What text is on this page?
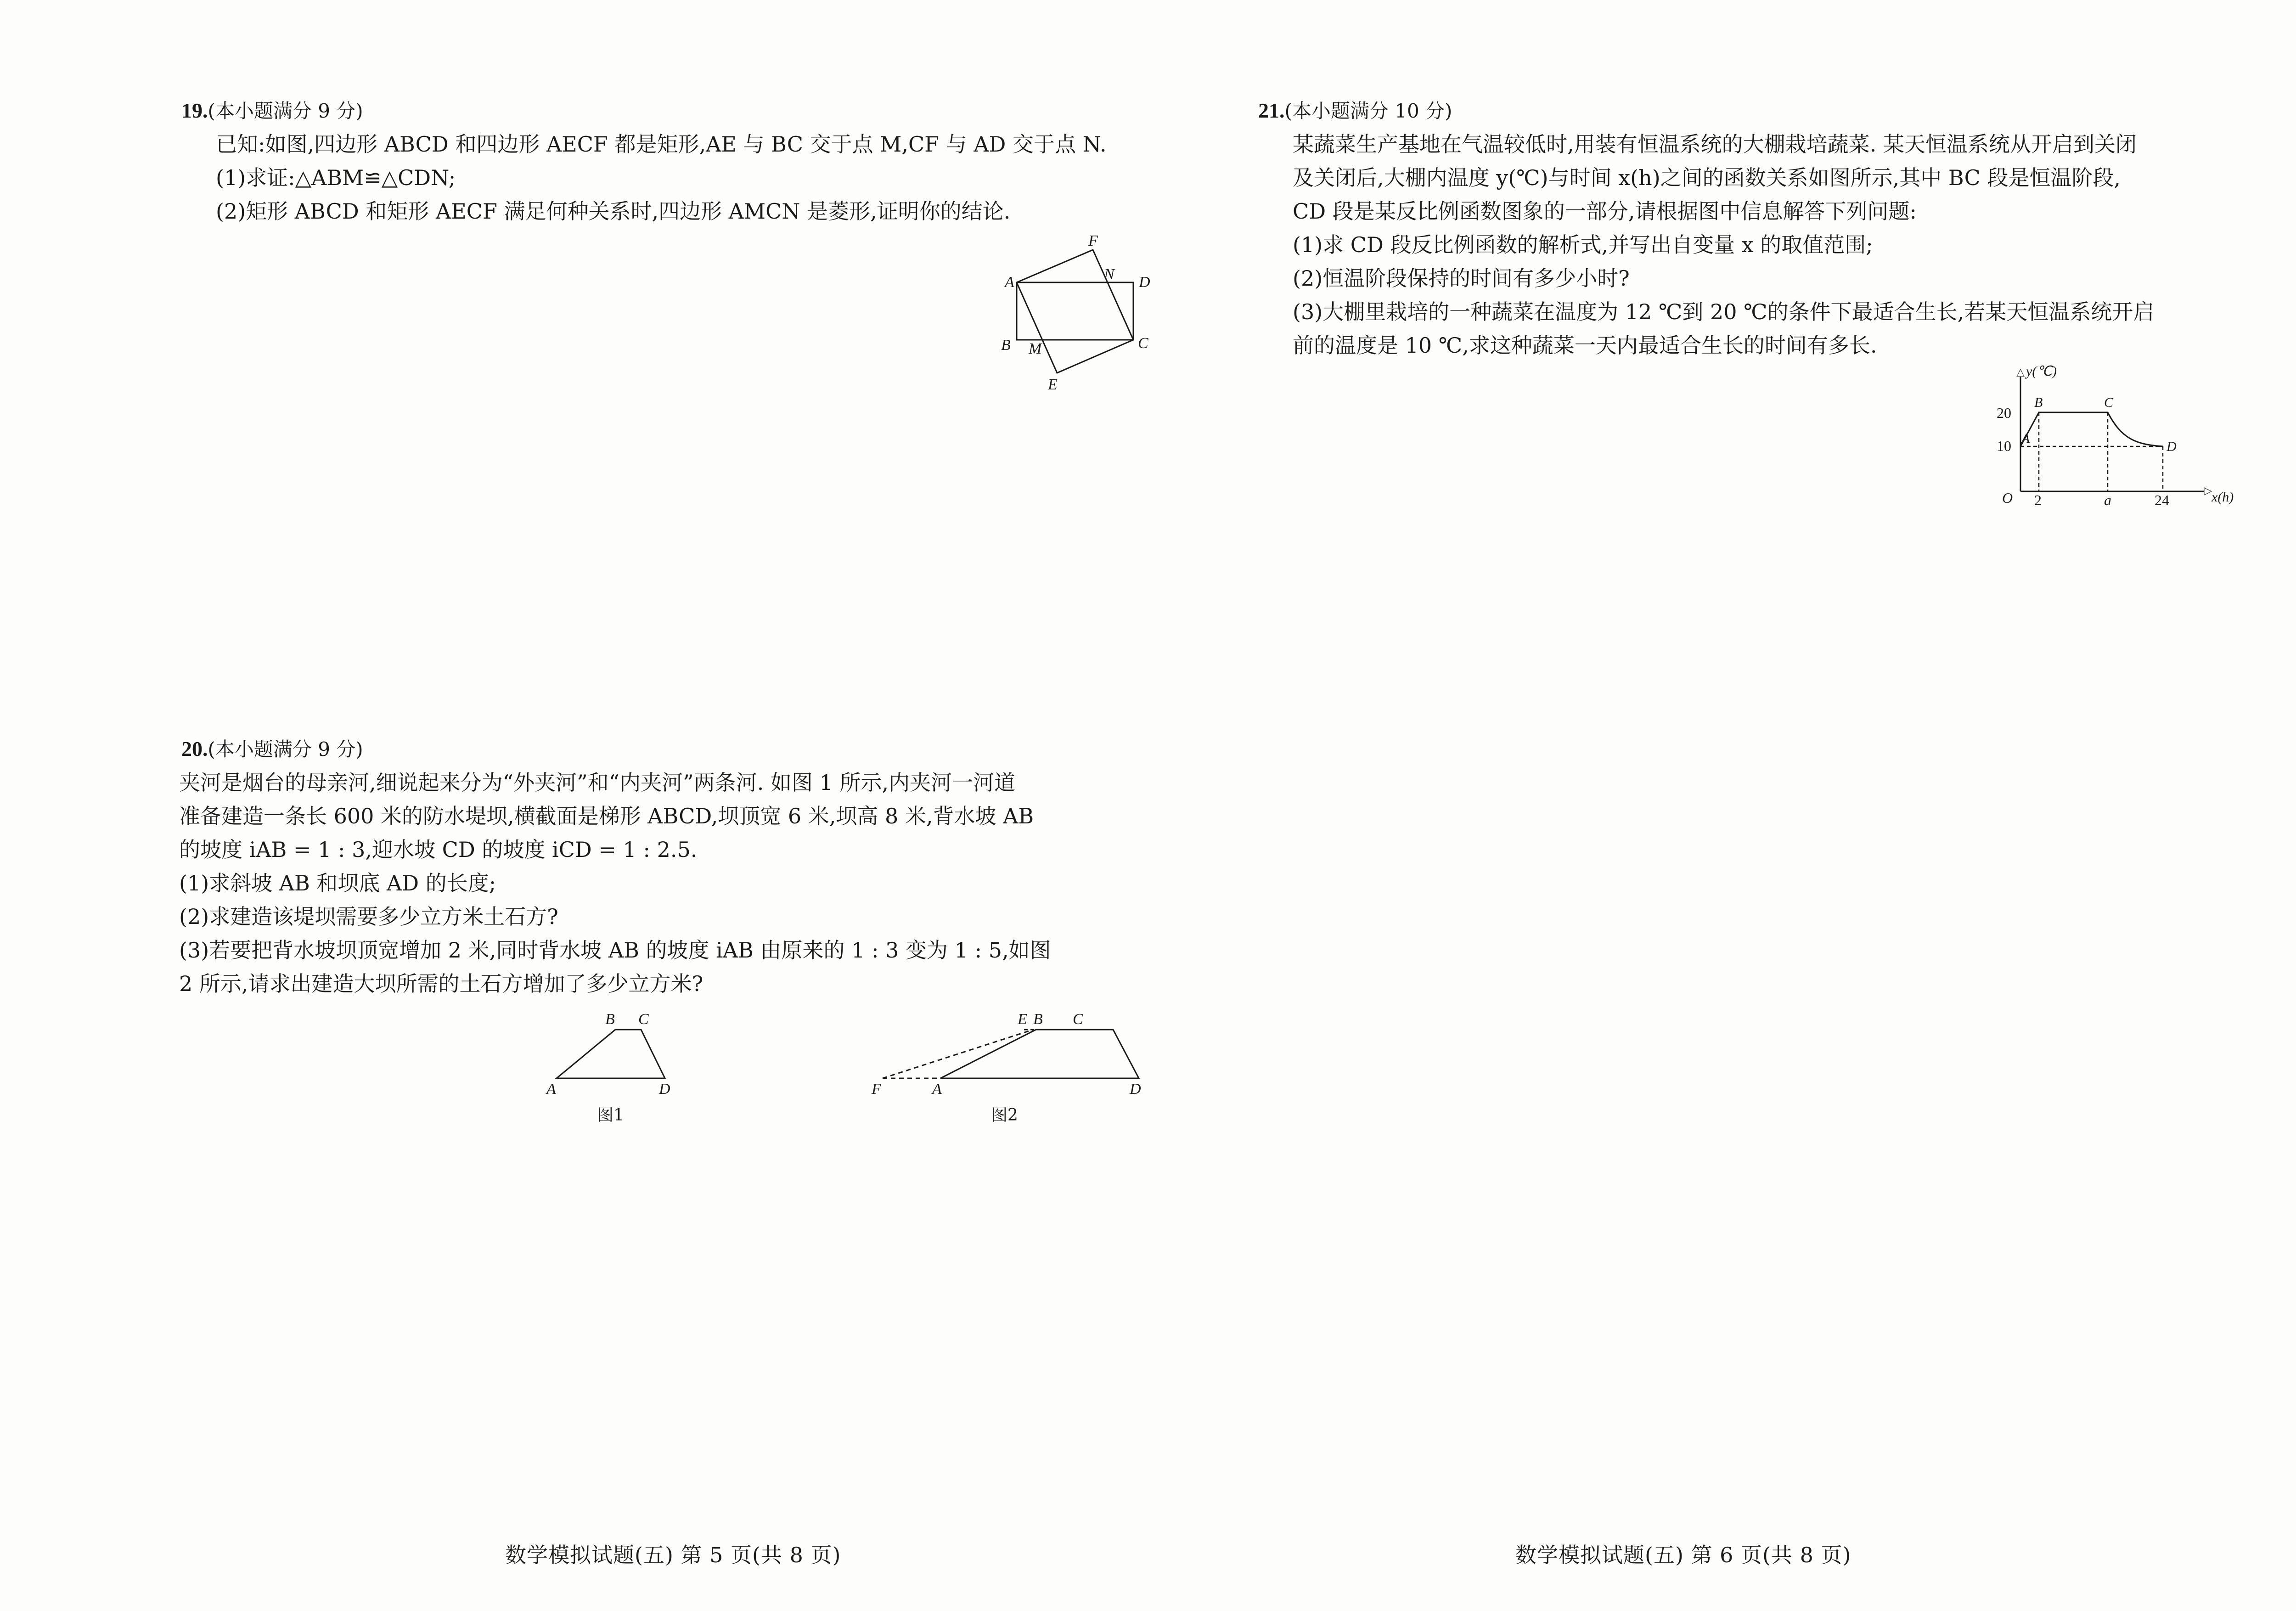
19.(本小题满分 9 分)

已知:如图,四边形 ABCD 和四边形 AECF 都是矩形,AE 与 BC 交于点 M,CF 与 AD 交于点 N.

(1)求证:△ABM≌△CDN;

(2)矩形 ABCD 和矩形 AECF 满足何种关系时,四边形 AMCN 是菱形,证明你的结论.

A	D
B	C
F
N
M
E
20.(本小题满分 9 分)

夹河是烟台的母亲河,细说起来分为“外夹河”和“内夹河”两条河. 如图 1 所示,内夹河一河道

准备建造一条长 600 米的防水堤坝,横截面是梯形 ABCD,坝顶宽 6 米,坝高 8 米,背水坡 AB

的坡度 iAB = 1 : 3,迎水坡 CD 的坡度 iCD = 1 : 2.5.

(1)求斜坡 AB 和坝底 AD 的长度;

(2)求建造该堤坝需要多少立方米土石方?

(3)若要把背水坡坝顶宽增加 2 米,同时背水坡 AB 的坡度 iAB 由原来的 1 : 3 变为 1 : 5,如图

2 所示,请求出建造大坝所需的土石方增加了多少立方米?

A	D
B C
图1
F	A	D
E B C
图2
21.(本小题满分 10 分)

某蔬菜生产基地在气温较低时,用装有恒温系统的大棚栽培蔬菜. 某天恒温系统从开启到关闭

及关闭后,大棚内温度 y(℃)与时间 x(h)之间的函数关系如图所示,其中 BC 段是恒温阶段,

CD 段是某反比例函数图象的一部分,请根据图中信息解答下列问题:

(1)求 CD 段反比例函数的解析式,并写出自变量 x 的取值范围;

(2)恒温阶段保持的时间有多少小时?

(3)大棚里栽培的一种蔬菜在温度为 12 ℃到 20 ℃的条件下最适合生长,若某天恒温系统开启

前的温度是 10 ℃,求这种蔬菜一天内最适合生长的时间有多长.

y(℃)
x(h)
O
20
10
2	a	24
A
B	C
D
数学模拟试题(五) 第 5 页(共 8 页)	数学模拟试题(五) 第 6 页(共 8 页)
